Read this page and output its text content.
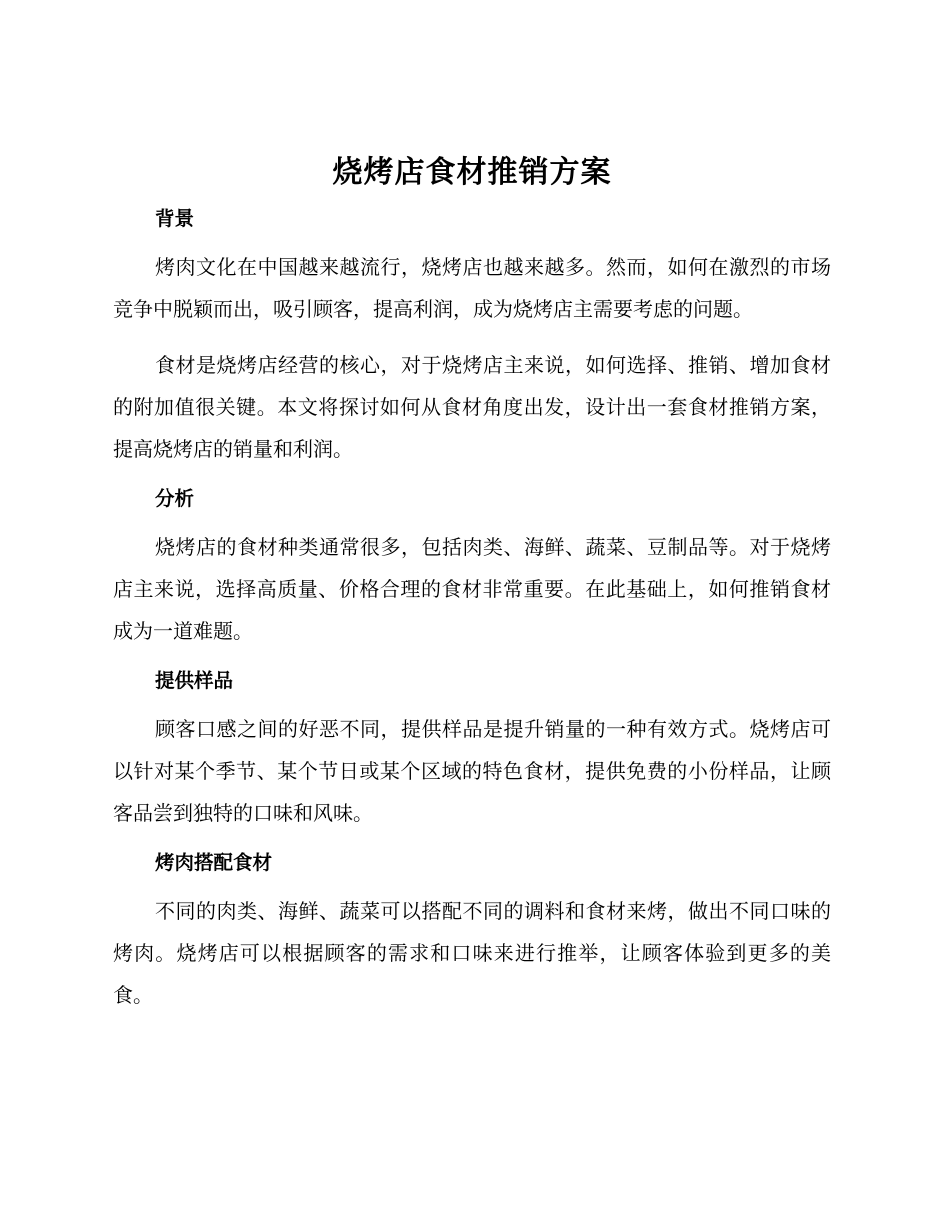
烧烤店食材推销方案
背景

烤肉文化在中国越来越流行，烧烤店也越来越多。然而，如何在激烈的市场竞争中脱颖而出，吸引顾客，提高利润，成为烧烤店主需要考虑的问题。

食材是烧烤店经营的核心，对于烧烤店主来说，如何选择、推销、增加食材的附加值很关键。本文将探讨如何从食材角度出发，设计出一套食材推销方案，提高烧烤店的销量和利润。

分析

烧烤店的食材种类通常很多，包括肉类、海鲜、蔬菜、豆制品等。对于烧烤店主来说，选择高质量、价格合理的食材非常重要。在此基础上，如何推销食材成为一道难题。

提供样品

顾客口感之间的好恶不同，提供样品是提升销量的一种有效方式。烧烤店可以针对某个季节、某个节日或某个区域的特色食材，提供免费的小份样品，让顾客品尝到独特的口味和风味。

烤肉搭配食材

不同的肉类、海鲜、蔬菜可以搭配不同的调料和食材来烤，做出不同口味的烤肉。烧烤店可以根据顾客的需求和口味来进行推举，让顾客体验到更多的美食。
